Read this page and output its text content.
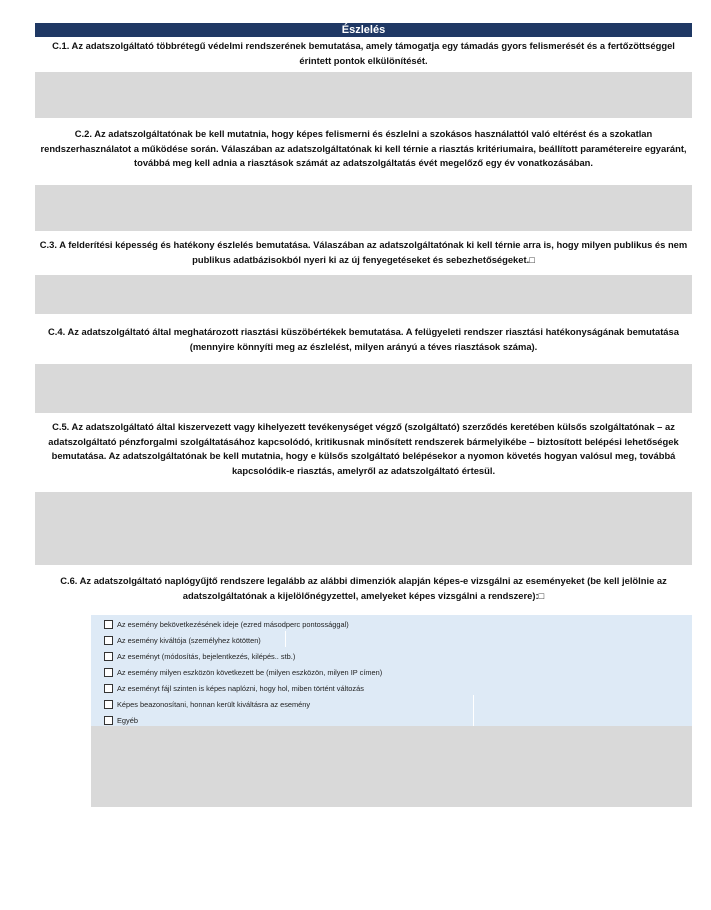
Észlelés
C.1. Az adatszolgáltató többrétegű védelmi rendszerének bemutatása, amely támogatja egy támadás gyors felismerését és a fertőzöttséggel érintett pontok elkülönítését.
C.2. Az adatszolgáltatónak be kell mutatnia, hogy képes felismerni és észlelni a szokásos használattól való eltérést és a szokatlan rendszerhasználatot a működése során. Válaszában az adatszolgáltatónak ki kell térnie a riasztás kritériumaira, beállított paramétereire egyaránt, továbbá meg kell adnia a riasztások számát az adatszolgáltatás évét megelőző egy év vonatkozásában.
C.3. A felderítési képesség és hatékony észlelés bemutatása. Válaszában az adatszolgáltatónak ki kell térnie arra is, hogy milyen publikus és nem publikus adatbázisokból nyeri ki az új fenyegetéseket és sebezhetőségeket.□
C.4. Az adatszolgáltató által meghatározott riasztási küszöbértékek bemutatása. A felügyeleti rendszer riasztási hatékonyságának bemutatása (mennyire könnyíti meg az észlelést, milyen arányú a téves riasztások száma).
C.5. Az adatszolgáltató által kiszervezett vagy kihelyezett tevékenységet végző (szolgáltató) szerződés keretében külsős szolgáltatónak – az adatszolgáltató pénzforgalmi szolgáltatásához kapcsolódó, kritikusnak minősített rendszerek bármelyikébe – biztosított belépési lehetőségek bemutatása. Az adatszolgáltatónak be kell mutatnia, hogy e külsős szolgáltató belépésekor a nyomon követés hogyan valósul meg, továbbá kapcsolódik-e riasztás, amelyről az adatszolgáltató értesül.
C.6. Az adatszolgáltató naplógyűjtő rendszere legalább az alábbi dimenziók alapján képes-e vizsgálni az eseményeket (be kell jelölnie az adatszolgáltatónak a kijelölőnégyzettel, amelyeket képes vizsgálni a rendszere):□
Az esemény bekövetkezésének ideje (ezred másodperc pontossággal)
Az esemény kiváltója (személyhez kötötten)
Az eseményt (módosítás, bejelentkezés, kilépés.. stb.)
Az esemény milyen eszközön következett be (milyen eszközön, milyen IP címen)
Az eseményt fájl szinten is képes naplózni, hogy hol, miben történt változás
Képes beazonosítani, honnan került kiváltásra az esemény
Egyéb
